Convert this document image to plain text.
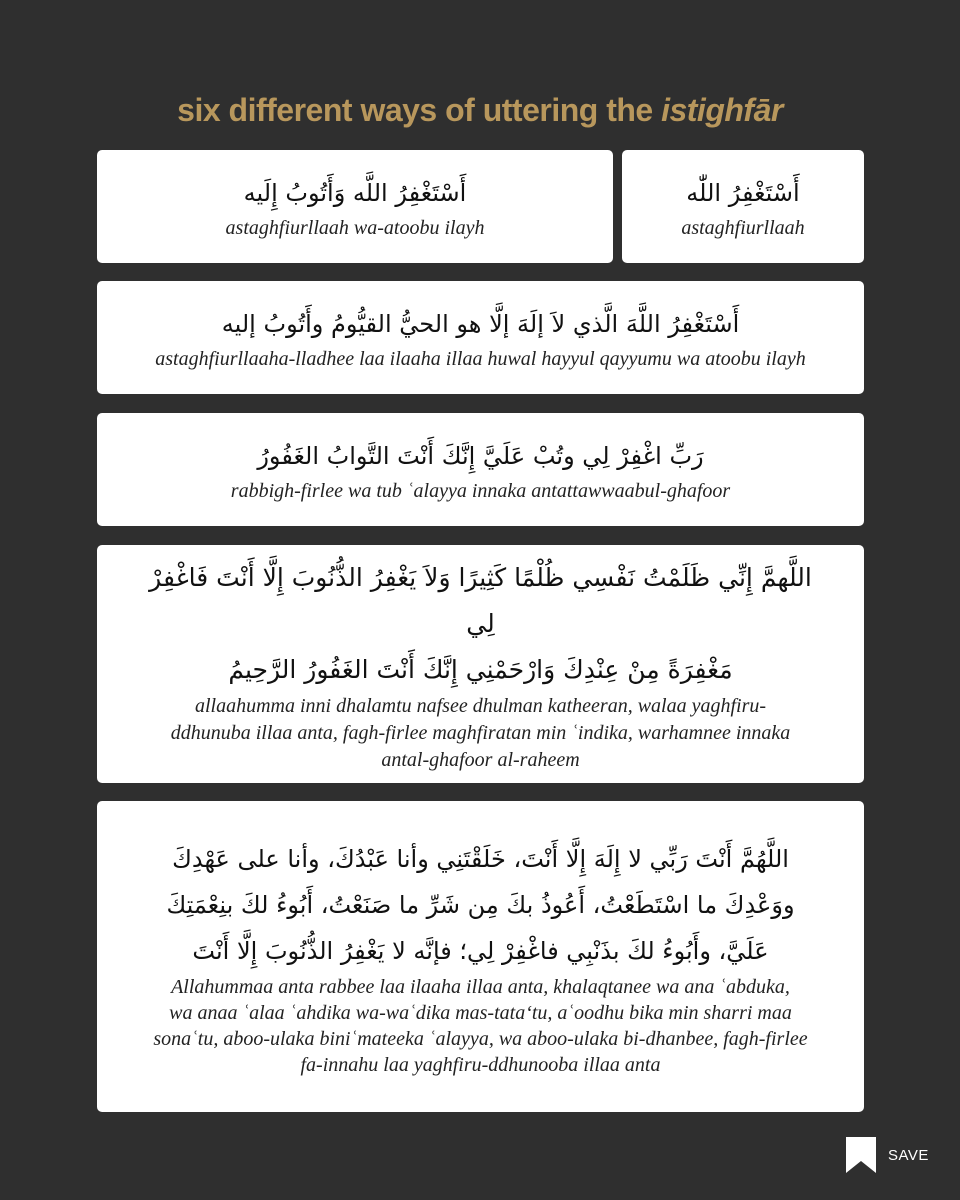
six different ways of uttering the istighfār
أَسْتَغْفِرُ اللّٰه
astaghfiurllaah
أَسْتَغْفِرُ اللَّه وَأَتُوبُ إِلَيه
astaghfiurllaah wa-atoobu ilayh
أَسْتَغْفِرُ اللَّهَ الَّذي لاَ إلَهَ إلَّا هو الحيُّ القيُّومُ وأَتُوبُ إليه
astaghfiurllaaha-lladhee laa ilaaha illaa huwal hayyul qayyumu wa atoobu ilayh
رَبِّ اغْفِرْ لِي وتُبْ عَلَيَّ إِنَّكَ أَنْتَ التَّوابُ الغَفُورُ
rabbigh-firlee wa tub ʿalayya innaka antattawwaabul-ghafoor
اللَّهمَّ إِنِّي ظَلَمْتُ نَفْسِي ظُلْمًا كَثِيرًا وَلاَ يَغْفِرُ الذُّنُوبَ إِلَّا أَنْتَ فَاغْفِرْ لِي
مَغْفِرَةً مِنْ عِنْدِكَ وَارْحَمْنِي إِنَّكَ أَنْتَ الغَفُورُ الرَّحِيمُ
allaahumma inni dhalamtu nafsee dhulman katheeran, walaa yaghfiru-
ddhunuba illaa anta, fagh-firlee maghfiratan min ʿindika, warhamnee innaka
antal-ghafoor al-raheem
اللَّهُمَّ أَنْتَ رَبِّي لا إِلَهَ إِلَّا أَنْتَ، خَلَقْتَنِي وأنا عَبْدُكَ، وأنا على عَهْدِكَ
ووَعْدِكَ ما اسْتَطَعْتُ، أَعُوذُ بكَ مِن شَرِّ ما صَنَعْتُ، أَبُوءُ لكَ بنِعْمَتِكَ
عَلَيَّ، وأَبُوءُ لكَ بذَنْبِي فاغْفِرْ لِي؛ فإنَّه لا يَغْفِرُ الذُّنُوبَ إِلَّا أَنْتَ
Allahummaa anta rabbee laa ilaaha illaa anta, khalaqtanee wa ana ʿabduka,
wa anaa ʿalaa ʿahdika wa-waʿdika mas-tata‘tu, aʿoodhu bika min sharri maa
sonaʿtu, aboo-ulaka biniʿmateeka ʿalayya, wa aboo-ulaka bi-dhanbee, fagh-firlee
fa-innahu laa yaghfiru-ddhunooba illaa anta
SAVE
